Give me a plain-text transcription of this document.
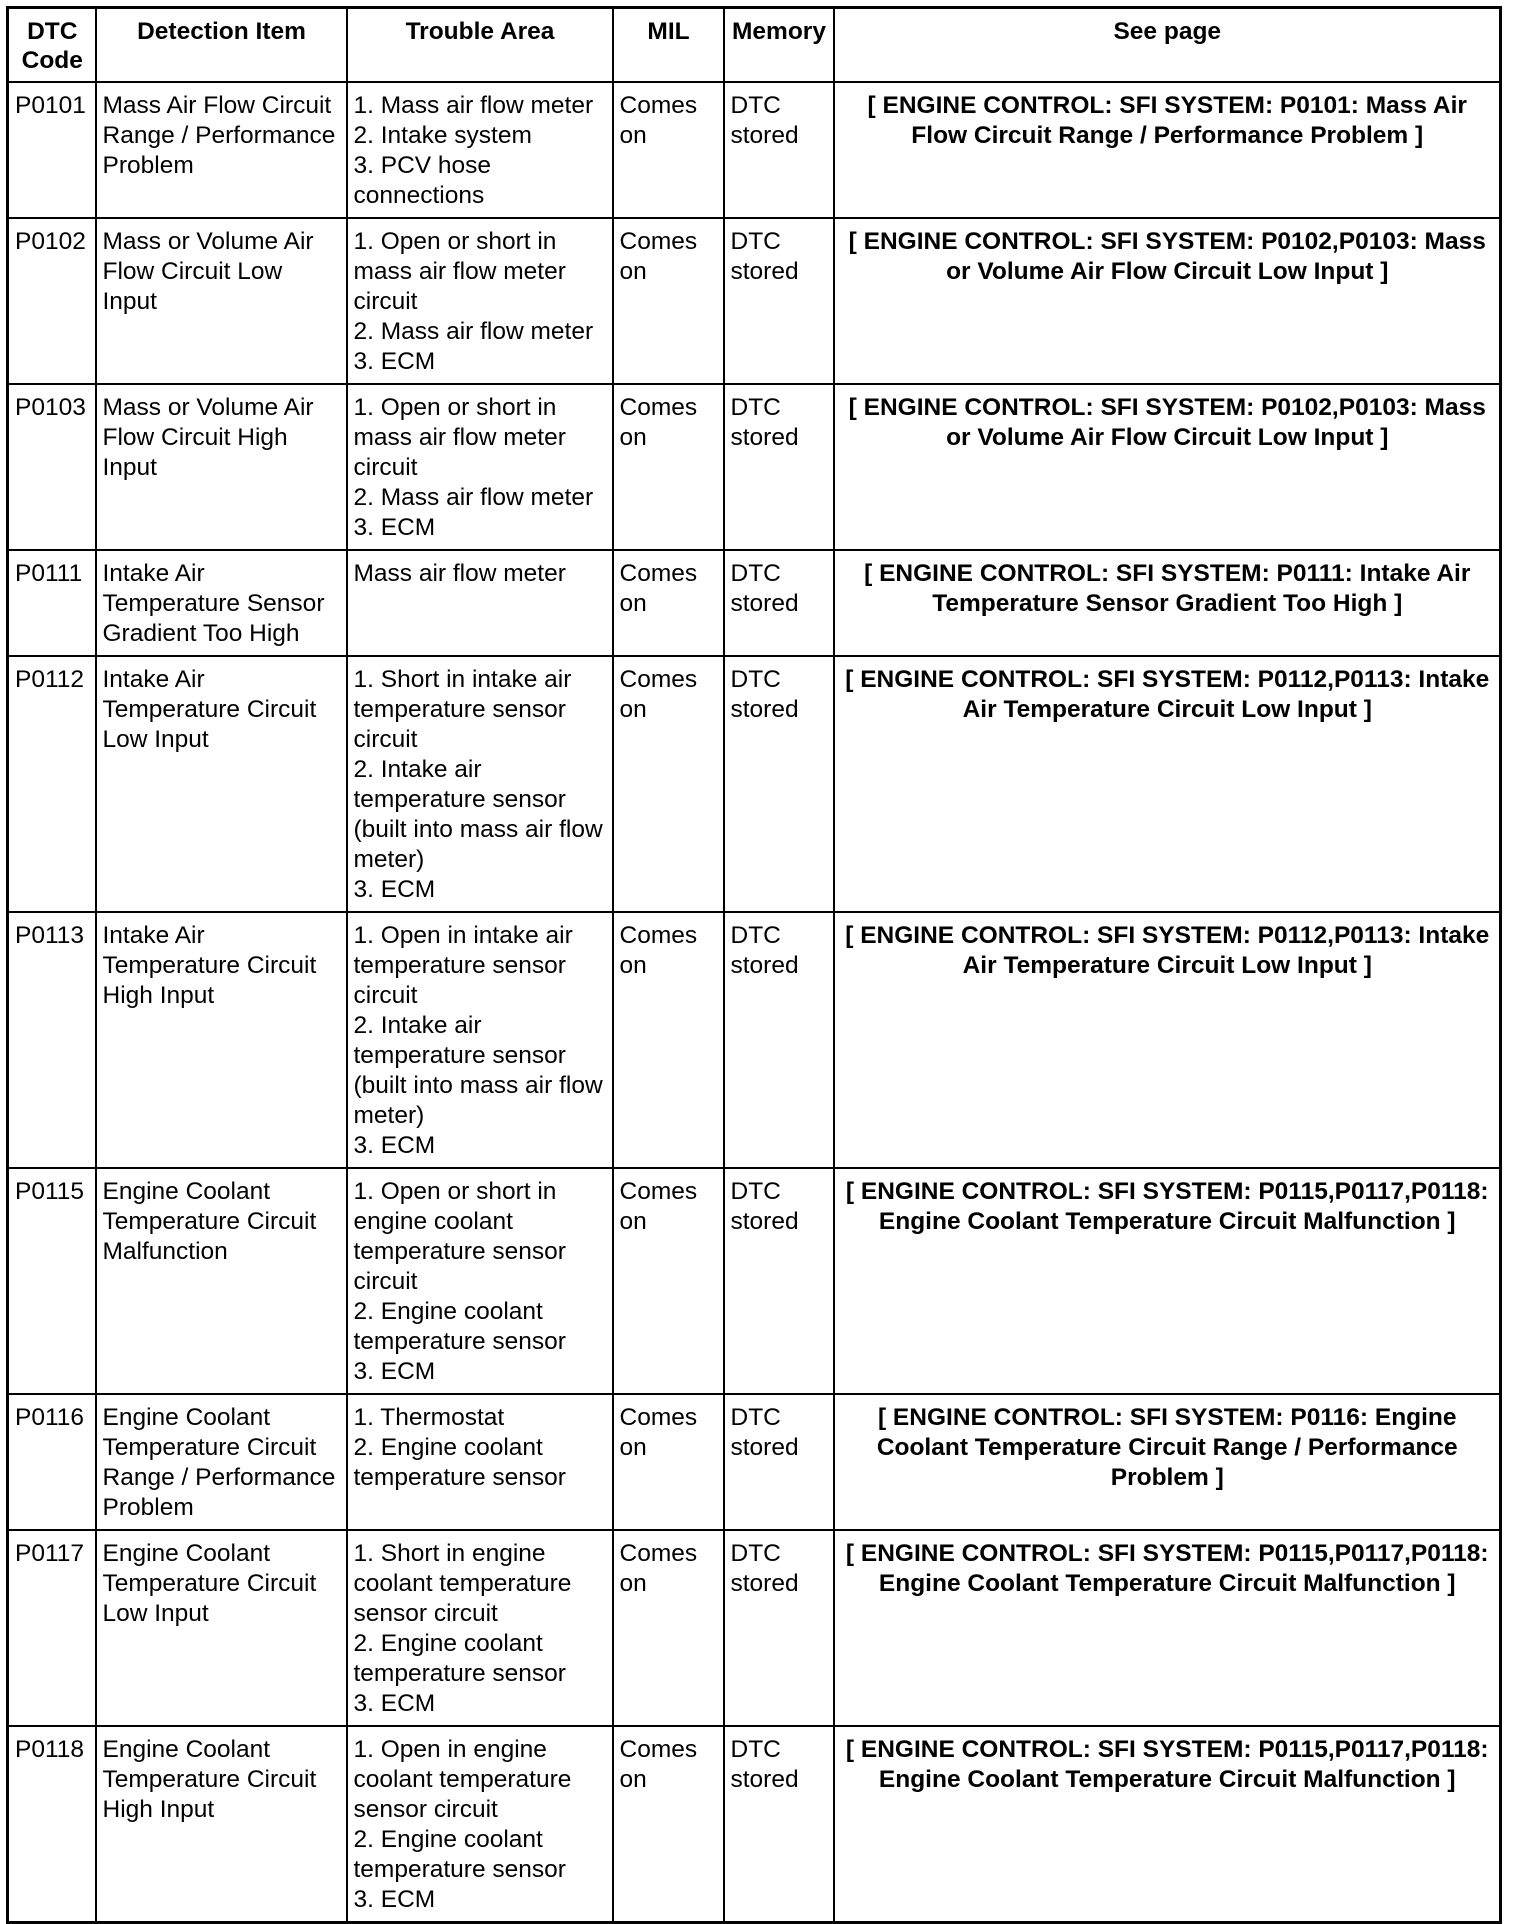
DTC
Code	Detection Item	Trouble Area	MIL	Memory	See page
P0101	Mass Air Flow Circuit Range / Performance Problem	1. Mass air flow meter
2. Intake system
3. PCV hose connections	Comes on	DTC stored	[ ENGINE CONTROL: SFI SYSTEM: P0101: Mass Air Flow Circuit Range / Performance Problem ]
P0102	Mass or Volume Air Flow Circuit Low Input	1. Open or short in mass air flow meter circuit
2. Mass air flow meter
3. ECM	Comes on	DTC stored	[ ENGINE CONTROL: SFI SYSTEM: P0102,P0103: Mass or Volume Air Flow Circuit Low Input ]
P0103	Mass or Volume Air Flow Circuit High Input	1. Open or short in mass air flow meter circuit
2. Mass air flow meter
3. ECM	Comes on	DTC stored	[ ENGINE CONTROL: SFI SYSTEM: P0102,P0103: Mass or Volume Air Flow Circuit Low Input ]
P0111	Intake Air Temperature Sensor Gradient Too High	Mass air flow meter	Comes on	DTC stored	[ ENGINE CONTROL: SFI SYSTEM: P0111: Intake Air Temperature Sensor Gradient Too High ]
P0112	Intake Air Temperature Circuit Low Input	1. Short in intake air temperature sensor circuit
2. Intake air temperature sensor (built into mass air flow meter)
3. ECM	Comes on	DTC stored	[ ENGINE CONTROL: SFI SYSTEM: P0112,P0113: Intake Air Temperature Circuit Low Input ]
P0113	Intake Air Temperature Circuit High Input	1. Open in intake air temperature sensor circuit
2. Intake air temperature sensor (built into mass air flow meter)
3. ECM	Comes on	DTC stored	[ ENGINE CONTROL: SFI SYSTEM: P0112,P0113: Intake Air Temperature Circuit Low Input ]
P0115	Engine Coolant Temperature Circuit Malfunction	1. Open or short in engine coolant temperature sensor circuit
2. Engine coolant temperature sensor
3. ECM	Comes on	DTC stored	[ ENGINE CONTROL: SFI SYSTEM: P0115,P0117,P0118: Engine Coolant Temperature Circuit Malfunction ]
P0116	Engine Coolant Temperature Circuit Range / Performance Problem	1. Thermostat
2. Engine coolant temperature sensor	Comes on	DTC stored	[ ENGINE CONTROL: SFI SYSTEM: P0116: Engine Coolant Temperature Circuit Range / Performance Problem ]
P0117	Engine Coolant Temperature Circuit Low Input	1. Short in engine coolant temperature sensor circuit
2. Engine coolant temperature sensor
3. ECM	Comes on	DTC stored	[ ENGINE CONTROL: SFI SYSTEM: P0115,P0117,P0118: Engine Coolant Temperature Circuit Malfunction ]
P0118	Engine Coolant Temperature Circuit High Input	1. Open in engine coolant temperature sensor circuit
2. Engine coolant temperature sensor
3. ECM	Comes on	DTC stored	[ ENGINE CONTROL: SFI SYSTEM: P0115,P0117,P0118: Engine Coolant Temperature Circuit Malfunction ]
